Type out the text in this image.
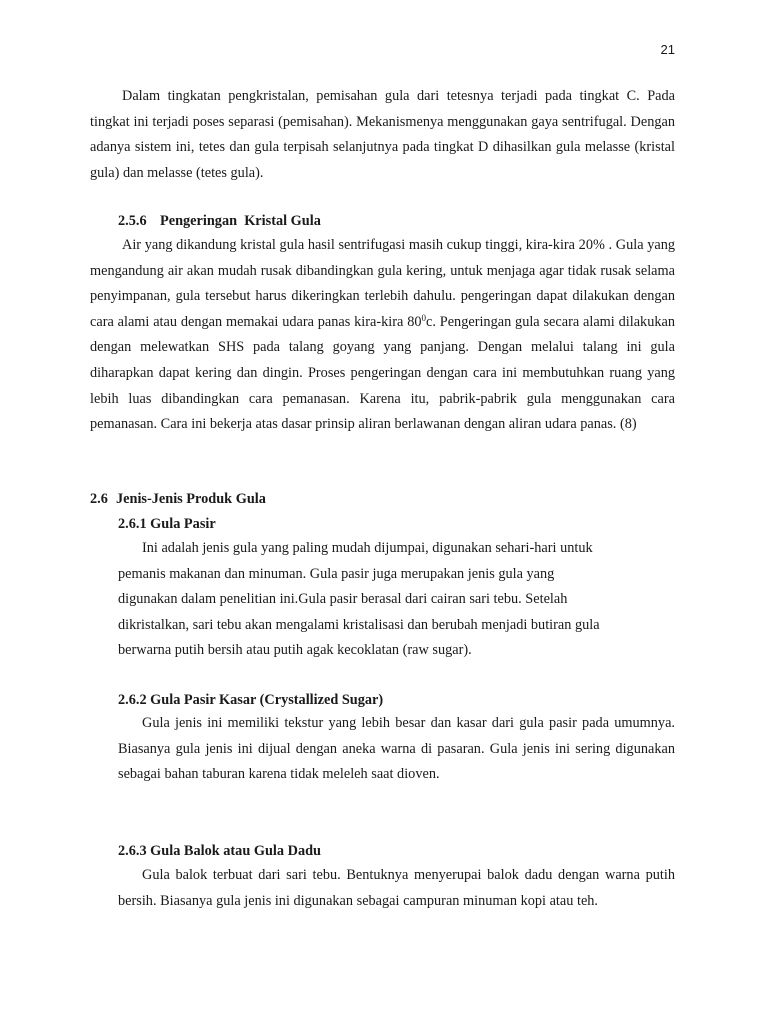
21

Dalam tingkatan pengkristalan, pemisahan gula dari tetesnya terjadi pada tingkat C. Pada tingkat ini terjadi poses separasi (pemisahan). Mekanismenya menggunakan gaya sentrifugal. Dengan adanya sistem ini, tetes dan gula terpisah selanjutnya pada tingkat D dihasilkan gula melasse (kristal gula) dan melasse (tetes gula).

2.5.6 Pengeringan  Kristal Gula

Air yang dikandung kristal gula hasil sentrifugasi masih cukup tinggi, kira-kira 20% . Gula yang mengandung air akan mudah rusak dibandingkan gula kering, untuk menjaga agar tidak rusak selama penyimpanan, gula tersebut harus dikeringkan terlebih dahulu. pengeringan dapat dilakukan dengan cara alami atau dengan memakai udara panas kira-kira $80^0c$. Pengeringan gula secara alami dilakukan dengan melewatkan SHS pada talang goyang yang panjang. Dengan melalui talang ini gula diharapkan dapat kering dan dingin. Proses pengeringan dengan cara ini membutuhkan ruang yang lebih luas dibandingkan cara pemanasan. Karena itu, pabrik-pabrik gula menggunakan cara pemanasan. Cara ini bekerja atas dasar prinsip aliran berlawanan dengan aliran udara panas. (8)

2.6 Jenis-Jenis Produk Gula
2.6.1 Gula Pasir
Ini adalah jenis gula yang paling mudah dijumpai, digunakan sehari-hari untuk
pemanis makanan dan minuman. Gula pasir juga merupakan jenis gula yang
digunakan dalam penelitian ini.Gula pasir berasal dari cairan sari tebu. Setelah
dikristalkan, sari tebu akan mengalami kristalisasi dan berubah menjadi butiran gula
berwarna putih bersih atau putih agak kecoklatan (raw sugar).
2.6.2 Gula Pasir Kasar (Crystallized Sugar)

Gula jenis ini memiliki tekstur yang lebih besar dan kasar dari gula pasir pada umumnya. Biasanya gula jenis ini dijual dengan aneka warna di pasaran. Gula jenis ini sering digunakan sebagai bahan taburan karena tidak meleleh saat dioven.

2.6.3 Gula Balok atau Gula Dadu

Gula balok terbuat dari sari tebu. Bentuknya menyerupai balok dadu dengan warna putih bersih. Biasanya gula jenis ini digunakan sebagai campuran minuman kopi atau teh.
